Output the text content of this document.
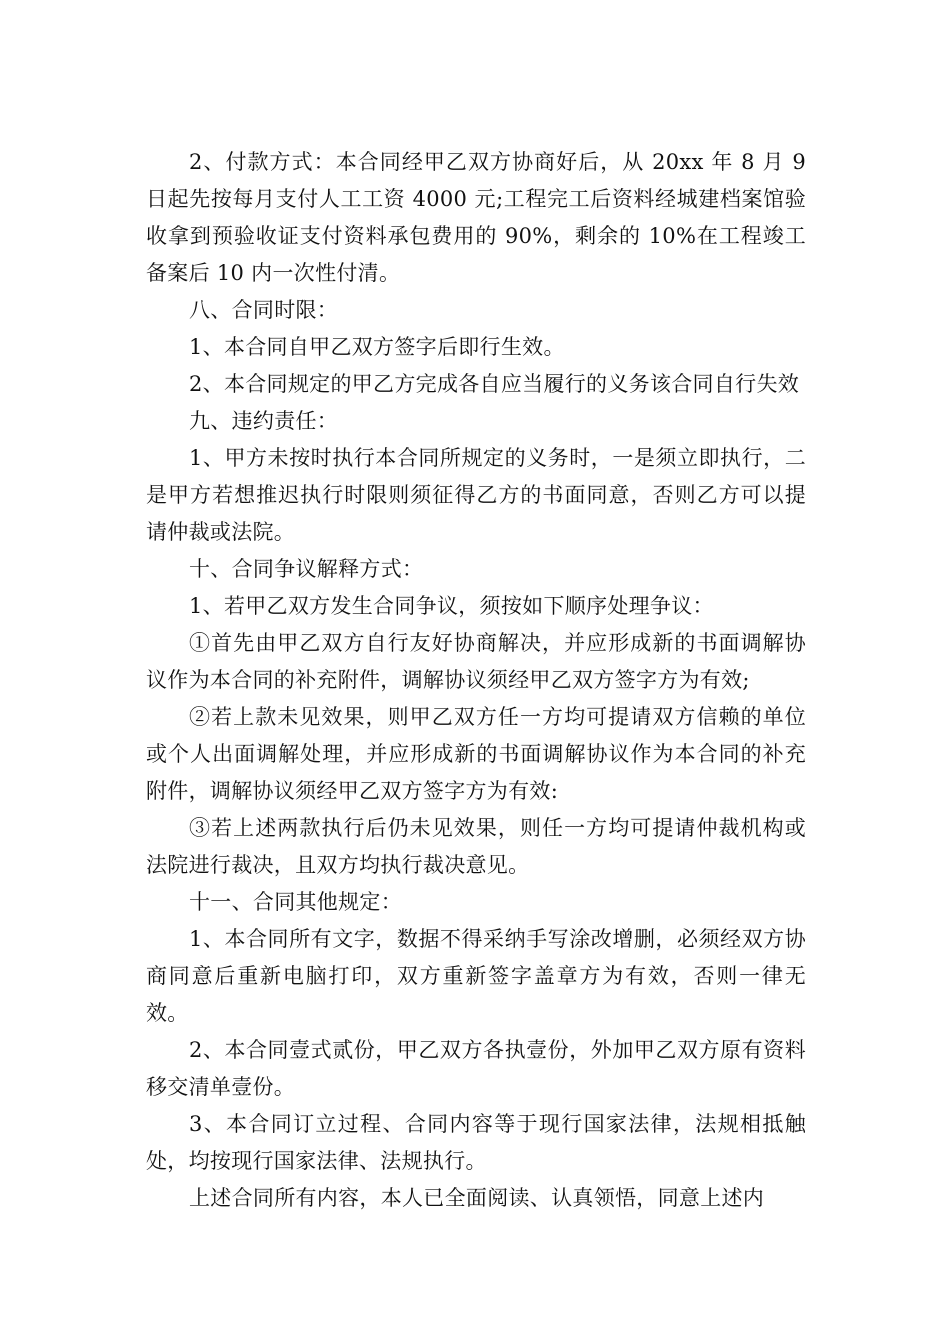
2、付款方式：本合同经甲乙双方协商好后，从 20xx 年 8 月 9 日起先按每月支付人工工资 4000 元;工程完工后资料经城建档案馆验收拿到预验收证支付资料承包费用的 90%，剩余的 10%在工程竣工备案后 10 内一次性付清。

八、合同时限：

1、本合同自甲乙双方签字后即行生效。

2、本合同规定的甲乙方完成各自应当履行的义务该合同自行失效

九、违约责任：

1、甲方未按时执行本合同所规定的义务时，一是须立即执行，二是甲方若想推迟执行时限则须征得乙方的书面同意，否则乙方可以提请仲裁或法院。

十、合同争议解释方式：

1、若甲乙双方发生合同争议，须按如下顺序处理争议：

①首先由甲乙双方自行友好协商解决，并应形成新的书面调解协议作为本合同的补充附件，调解协议须经甲乙双方签字方为有效;

②若上款未见效果，则甲乙双方任一方均可提请双方信赖的单位或个人出面调解处理，并应形成新的书面调解协议作为本合同的补充附件，调解协议须经甲乙双方签字方为有效:

③若上述两款执行后仍未见效果，则任一方均可提请仲裁机构或法院进行裁决，且双方均执行裁决意见。

十一、合同其他规定：

1、本合同所有文字，数据不得采纳手写涂改增删，必须经双方协商同意后重新电脑打印，双方重新签字盖章方为有效，否则一律无效。

2、本合同壹式贰份，甲乙双方各执壹份，外加甲乙双方原有资料移交清单壹份。

3、本合同订立过程、合同内容等于现行国家法律，法规相抵触处，均按现行国家法律、法规执行。

上述合同所有内容，本人已全面阅读、认真领悟，同意上述内
